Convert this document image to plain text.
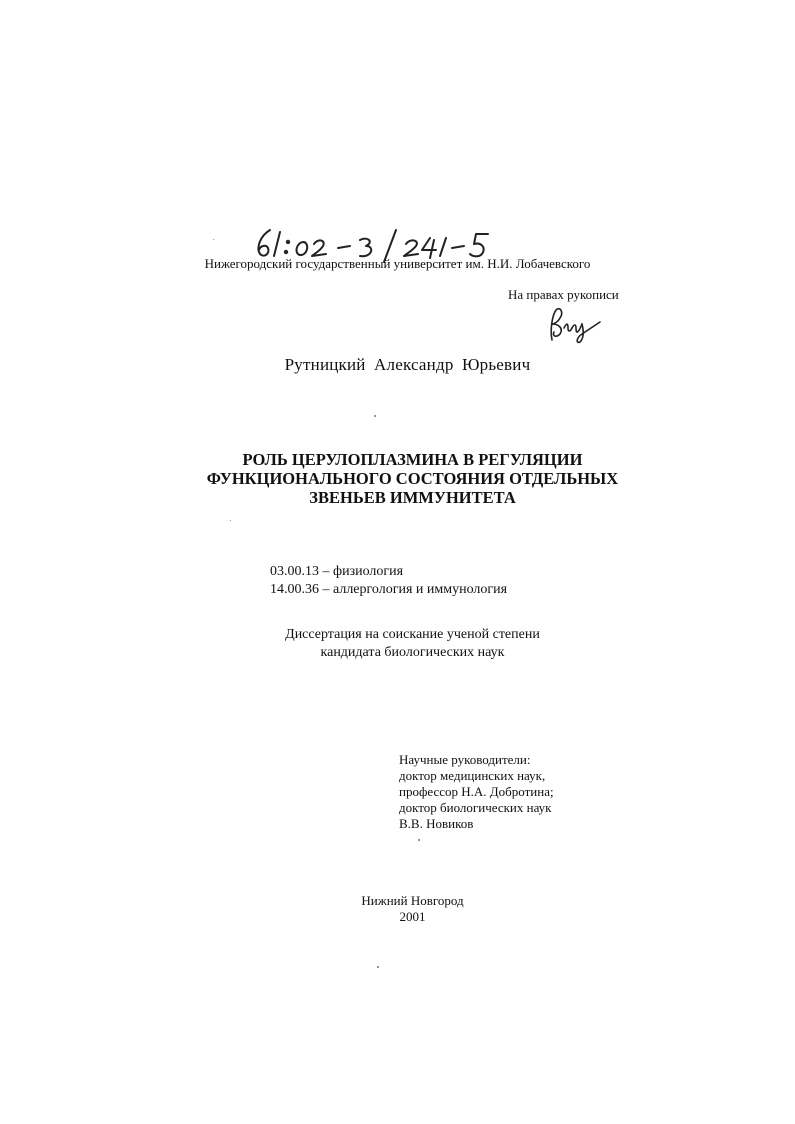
Нижегородский государственный университет им. Н.И. Лобачевского
На правах рукописи
Рутницкий Александр Юрьевич
РОЛЬ ЦЕРУЛОПЛАЗМИНА В РЕГУЛЯЦИИ
ФУНКЦИОНАЛЬНОГО СОСТОЯНИЯ ОТДЕЛЬНЫХ
ЗВЕНЬЕВ ИММУНИТЕТА
03.00.13 – физиология
14.00.36 – аллергология и иммунология
Диссертация на соискание ученой степени
кандидата биологических наук
Научные руководители:
доктор медицинских наук,
профессор Н.А. Добротина;
доктор биологических наук
В.В. Новиков
Нижний Новгород
2001
